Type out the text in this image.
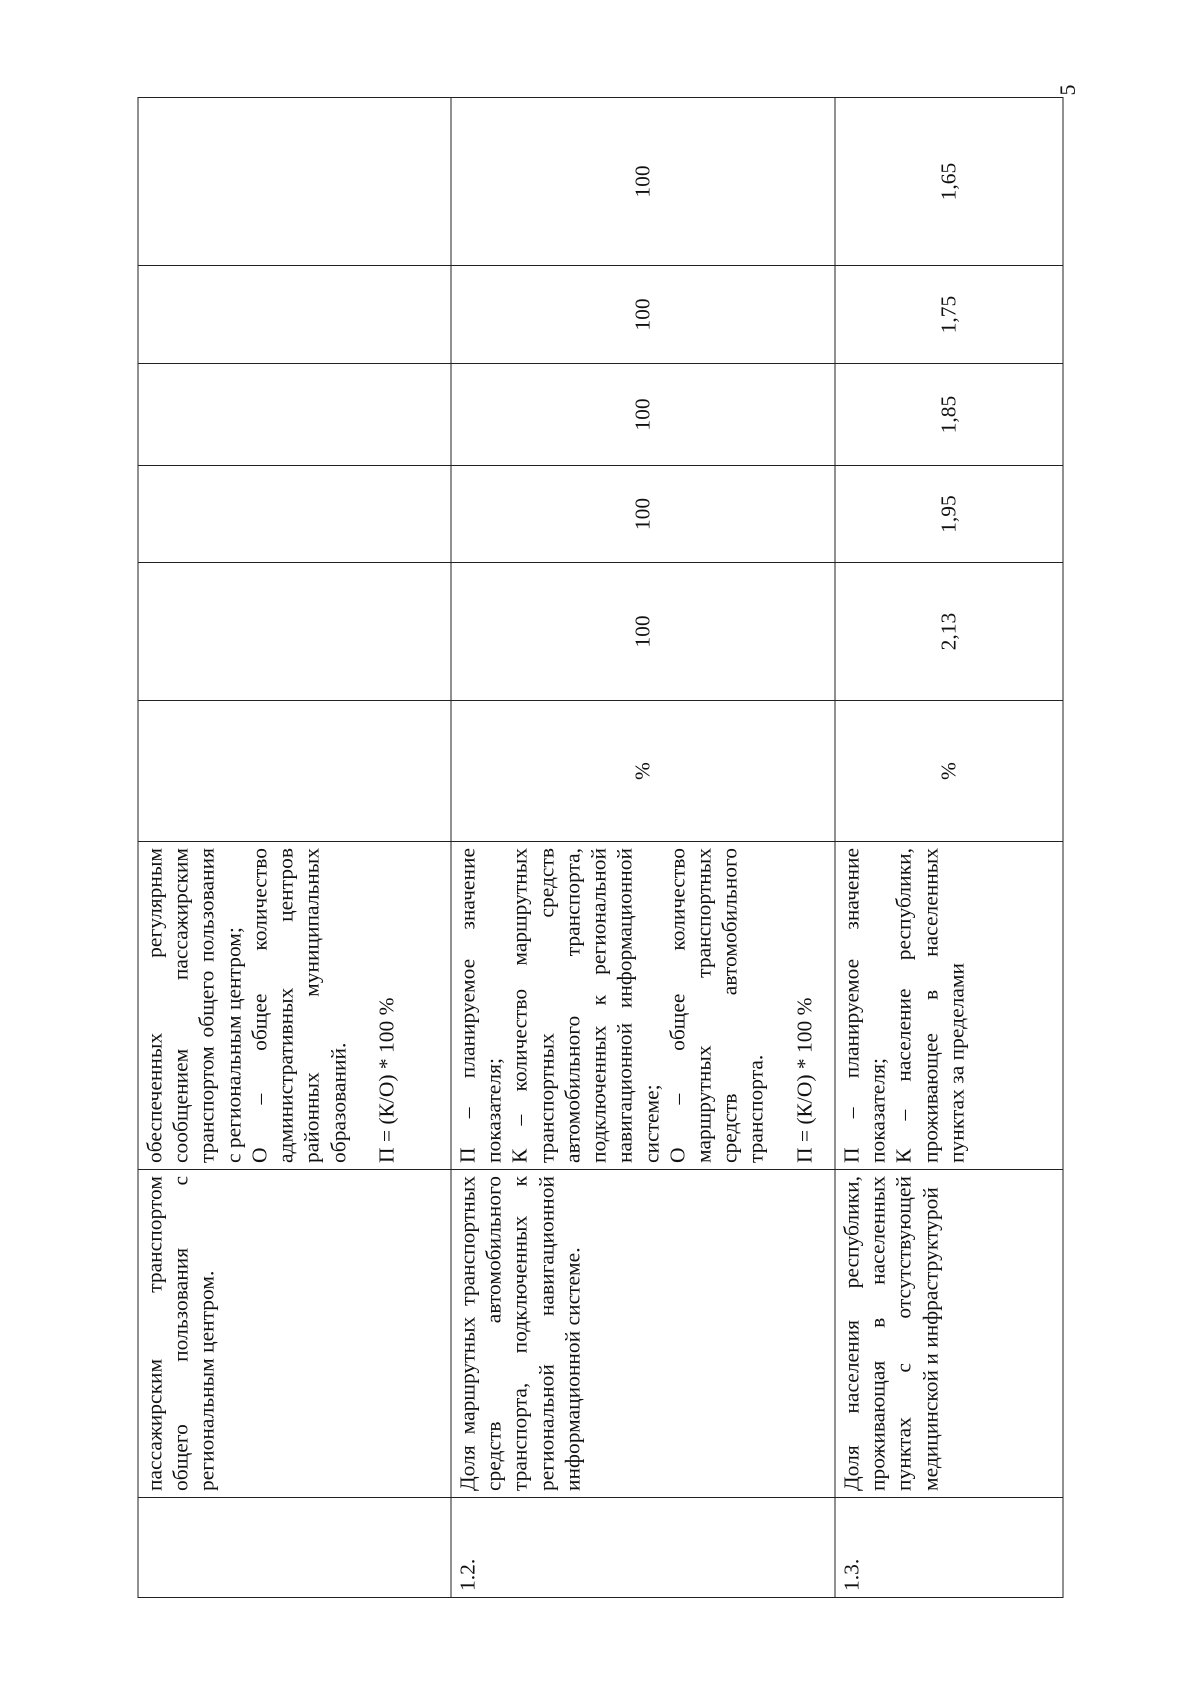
5
	пассажирским транспортом общего пользования с региональным центром.	обеспеченных регулярным сообщением пассажирским транспортом общего пользования с региональным центром; О – общее количество административных центров районных муниципальных образований. П = (К/О) * 100 %						

1.2.	Доля маршрутных транспортных средств автомобильного транспорта, подключенных к региональной навигационной информационной системе.	П – планируемое значение показателя; К – количество маршрутных транспортных средств автомобильного транспорта, подключенных к региональной навигационной информационной системе; О – общее количество маршрутных транспортных средств автомобильного транспорта. П = (К/О) * 100 %	%	100	100	100	100	100
1.3.	Доля населения республики, проживающая в населенных пунктах с отсутствующей медицинской и инфраструктурой	П – планируемое значение показателя; К – население республики, проживающее в населенных пунктах за пределами	%	2,13	1,95	1,85	1,75	1,65
